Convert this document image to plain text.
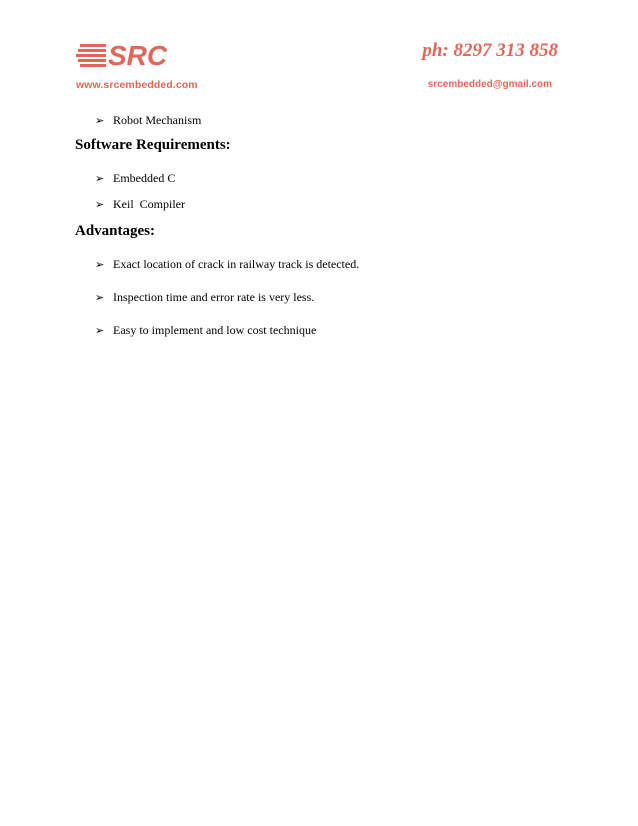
SRC
www.srcembedded.com
ph: 8297 313 858
srcembedded@gmail.com
➢ Robot Mechanism
Software Requirements:
➢ Embedded C
➢ Keil  Compiler
Advantages:
➢ Exact location of crack in railway track is detected.
➢ Inspection time and error rate is very less.
➢ Easy to implement and low cost technique
